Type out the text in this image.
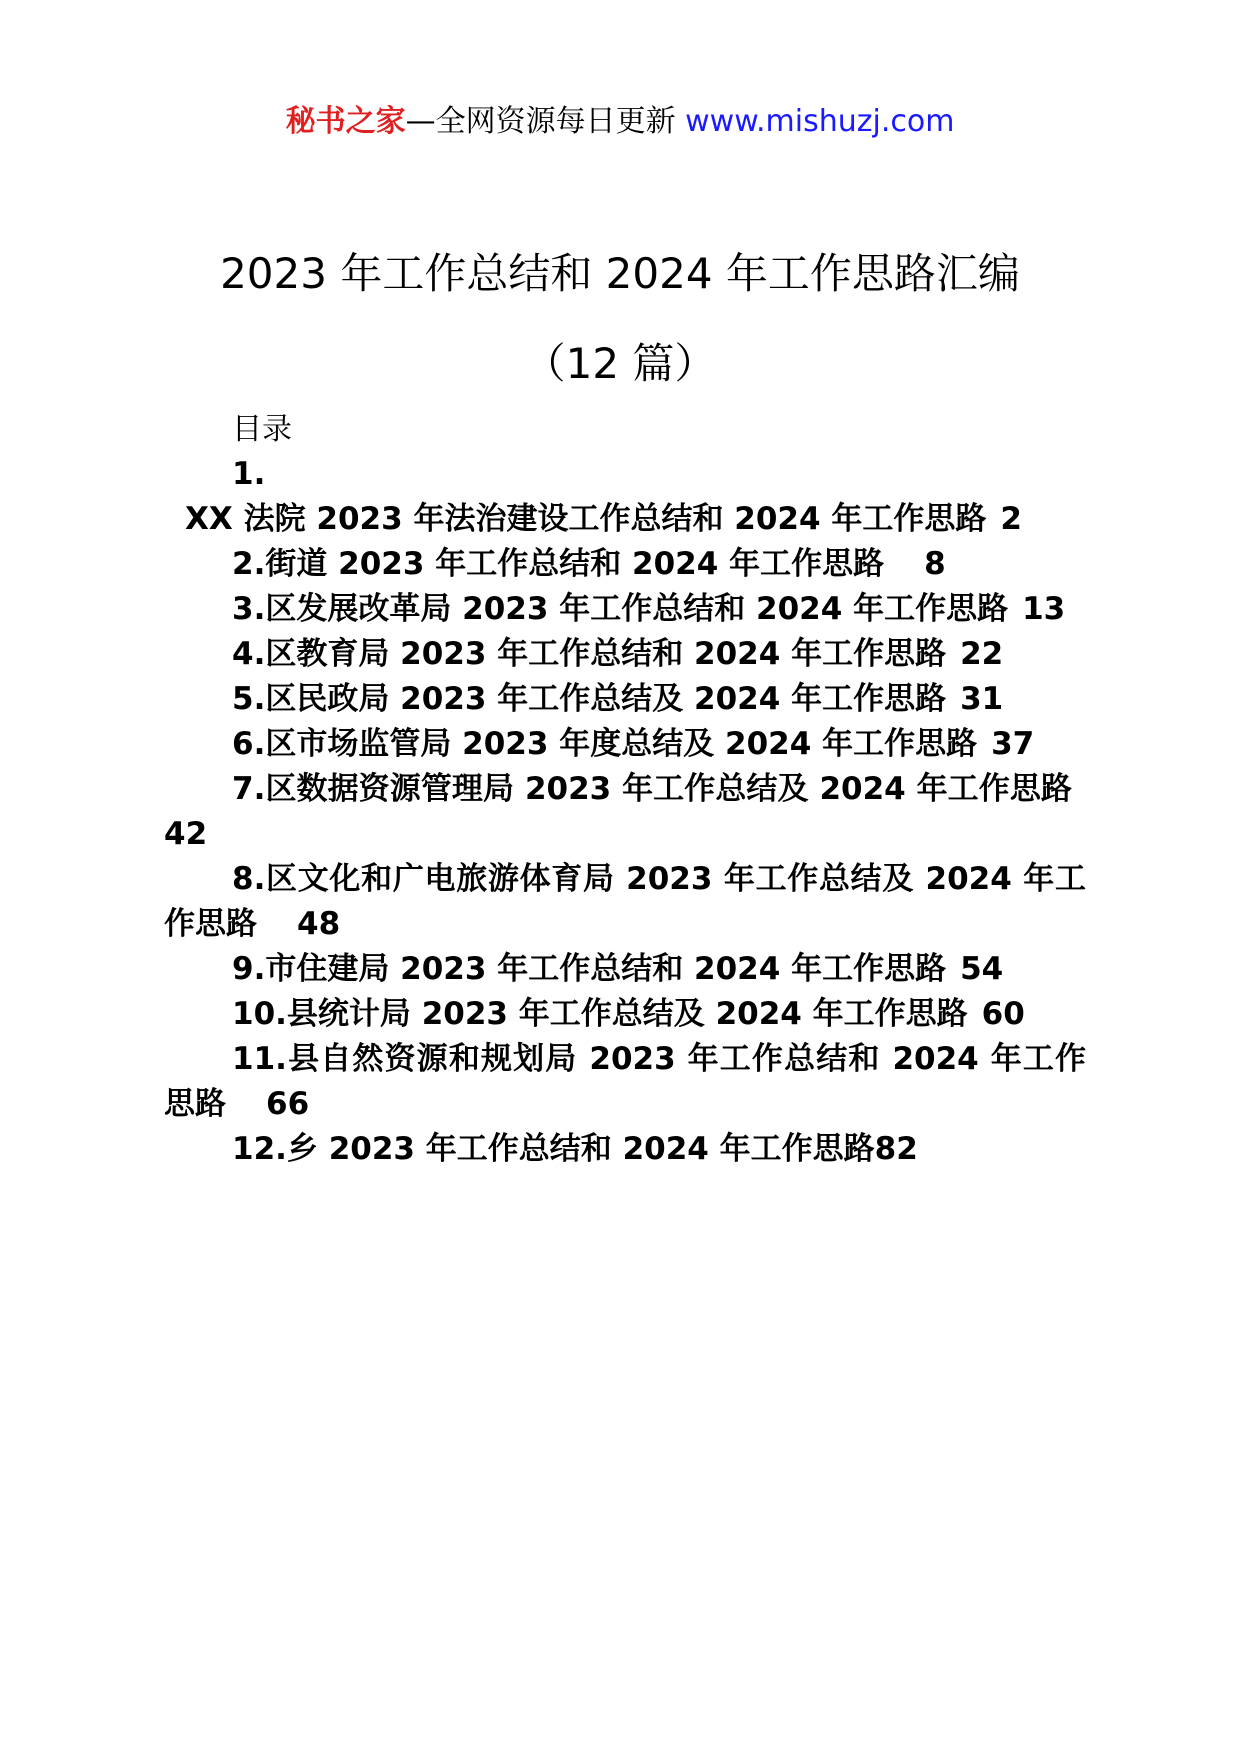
秘书之家—全网资源每日更新 www.mishuzj.com
2023 年工作总结和 2024 年工作思路汇编
（12 篇）
目录
1.
XX 法院 2023 年法治建设工作总结和 2024 年工作思路 2
2.街道 2023 年工作总结和 2024 年工作思路 8
3.区发展改革局 2023 年工作总结和 2024 年工作思路 13
4.区教育局 2023 年工作总结和 2024 年工作思路 22
5.区民政局 2023 年工作总结及 2024 年工作思路 31
6.区市场监管局 2023 年度总结及 2024 年工作思路 37
7.区数据资源管理局 2023 年工作总结及 2024 年工作思路42
8.区文化和广电旅游体育局 2023 年工作总结及 2024 年工作思路 48
9.市住建局 2023 年工作总结和 2024 年工作思路 54
10.县统计局 2023 年工作总结及 2024 年工作思路 60
11.县自然资源和规划局 2023 年工作总结和 2024 年工作思路 66
12.乡 2023 年工作总结和 2024 年工作思路82
